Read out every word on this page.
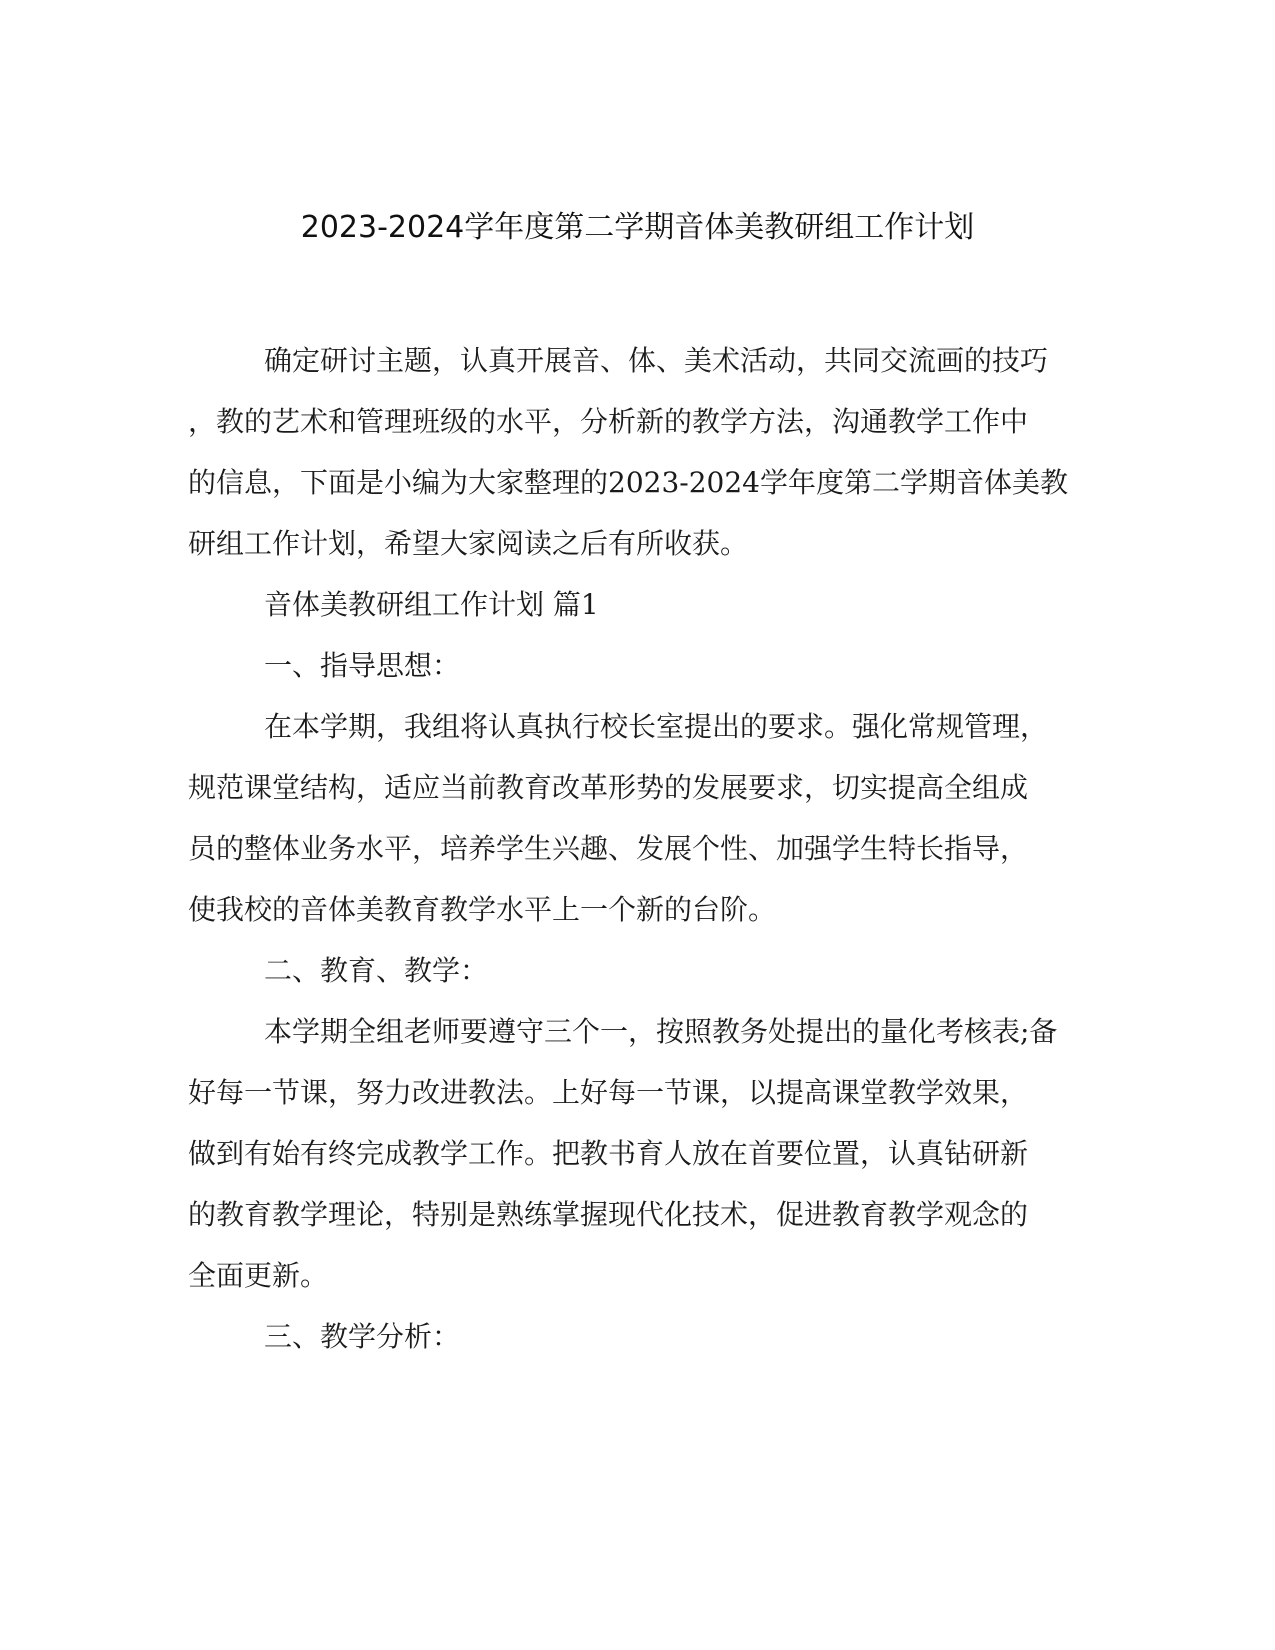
2023-2024学年度第二学期音体美教研组工作计划
确定研讨主题，认真开展音、体、美术活动，共同交流画的技巧
，教的艺术和管理班级的水平，分析新的教学方法，沟通教学工作中
的信息，下面是小编为大家整理的2023-2024学年度第二学期音体美教
研组工作计划，希望大家阅读之后有所收获。
音体美教研组工作计划 篇1
一、指导思想：
在本学期，我组将认真执行校长室提出的要求。强化常规管理，
规范课堂结构，适应当前教育改革形势的发展要求，切实提高全组成
员的整体业务水平，培养学生兴趣、发展个性、加强学生特长指导，
使我校的音体美教育教学水平上一个新的台阶。
二、教育、教学：
本学期全组老师要遵守三个一，按照教务处提出的量化考核表;备
好每一节课，努力改进教法。上好每一节课，以提高课堂教学效果，
做到有始有终完成教学工作。把教书育人放在首要位置，认真钻研新
的教育教学理论，特别是熟练掌握现代化技术，促进教育教学观念的
全面更新。
三、教学分析：
